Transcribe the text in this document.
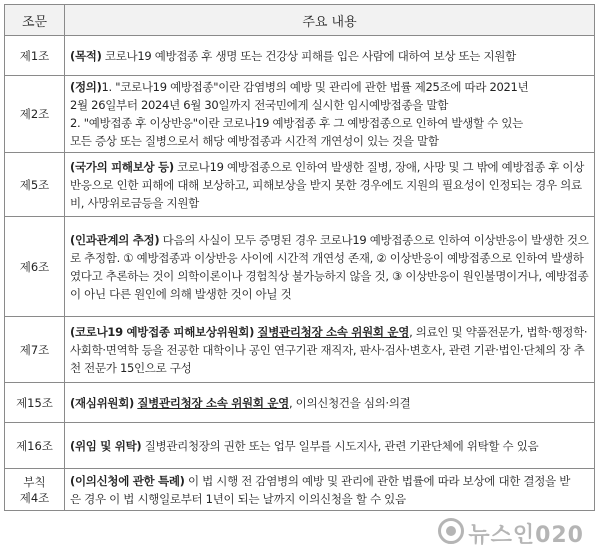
조문	주요 내용
제1조	(목적) 코로나19 예방접종 후 생명 또는 건강상 피해를 입은 사람에 대하여 보상 또는 지원함

제2조	(정의)1. "코로나19 예방접종"이란 감염병의 예방 및 관리에 관한 법률 제25조에 따라 2021년
2월 26일부터 2024년 6월 30일까지 전국민에게 실시한 임시예방접종을 말함
2. "예방접종 후 이상반응"이란 코로나19 예방접종 후 그 예방접종으로 인하여 발생할 수 있는
모든 증상 또는 질병으로서 해당 예방접종과 시간적 개연성이 있는 것을 말함

제5조	(국가의 피해보상 등) 코로나19 예방접종으로 인하여 발생한 질병, 장애, 사망 및 그 밖에 예방접종 후 이상반응으로 인한 피해에 대해 보상하고, 피해보상을 받지 못한 경우에도 지원의 필요성이 인정되는 경우 의료비, 사망위로금등을 지원함

제6조	(인과관계의 추정) 다음의 사실이 모두 증명된 경우 코로나19 예방접종으로 인하여 이상반응이 발생한 것으로 추정함. ① 예방접종과 이상반응 사이에 시간적 개연성 존재, ② 이상반응이 예방접종으로 인하여 발생하였다고 추론하는 것이 의학이론이나 경험칙상 불가능하지 않을 것, ③ 이상반응이 원인불명이거나, 예방접종이 아닌 다른 원인에 의해 발생한 것이 아닐 것

제7조	(코로나19 예방접종 피해보상위원회) 질병관리청장 소속 위원회 운영, 의료인 및 약품전문가, 법학·행정학·사회학·면역학 등을 전공한 대학이나 공인 연구기관 재직자, 판사·검사·변호사, 관련 기관·법인·단체의 장 추천 전문가 15인으로 구성

제15조	(재심위원회) 질병관리청장 소속 위원회 운영, 이의신청건을 심의·의결

제16조	(위임 및 위탁) 질병관리청장의 권한 또는 업무 일부를 시도지사, 관련 기관단체에 위탁할 수 있음

부칙
제4조	(이의신청에 관한 특례) 이 법 시행 전 감염병의 예방 및 관리에 관한 법률에 따라 보상에 대한 결정을 받
은 경우 이 법 시행일로부터 1년이 되는 날까지 이의신청을 할 수 있음
뉴스인020
